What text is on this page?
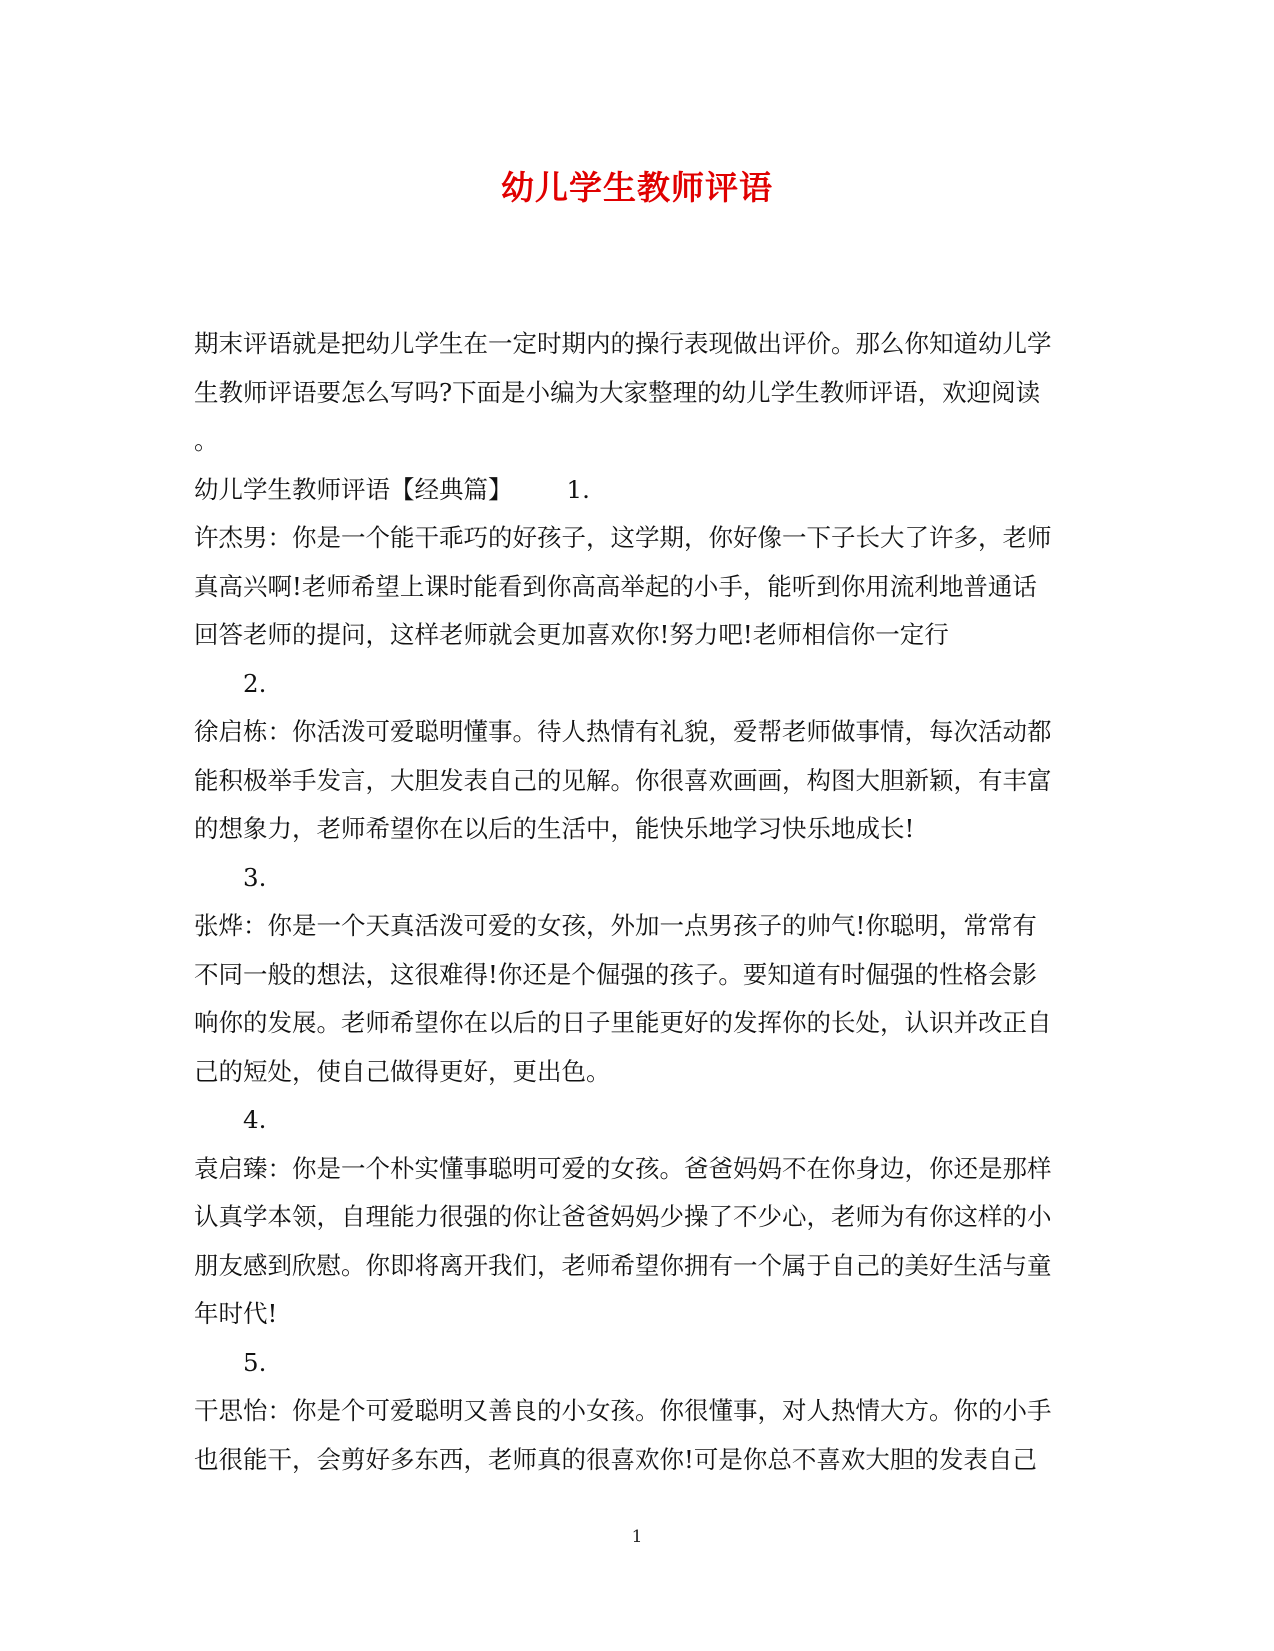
幼儿学生教师评语
期末评语就是把幼儿学生在一定时期内的操行表现做出评价。那么你知道幼儿学
生教师评语要怎么写吗?下面是小编为大家整理的幼儿学生教师评语，欢迎阅读
。
幼儿学生教师评语【经典篇】 1.
许杰男：你是一个能干乖巧的好孩子，这学期，你好像一下子长大了许多，老师
真高兴啊!老师希望上课时能看到你高高举起的小手，能听到你用流利地普通话
回答老师的提问，这样老师就会更加喜欢你!努力吧!老师相信你一定行
2.
徐启栋：你活泼可爱聪明懂事。待人热情有礼貌，爱帮老师做事情，每次活动都
能积极举手发言，大胆发表自己的见解。你很喜欢画画，构图大胆新颖，有丰富
的想象力，老师希望你在以后的生活中，能快乐地学习快乐地成长!
3.
张烨：你是一个天真活泼可爱的女孩，外加一点男孩子的帅气!你聪明，常常有
不同一般的想法，这很难得!你还是个倔强的孩子。要知道有时倔强的性格会影
响你的发展。老师希望你在以后的日子里能更好的发挥你的长处，认识并改正自
己的短处，使自己做得更好，更出色。
4.
袁启臻：你是一个朴实懂事聪明可爱的女孩。爸爸妈妈不在你身边，你还是那样
认真学本领，自理能力很强的你让爸爸妈妈少操了不少心，老师为有你这样的小
朋友感到欣慰。你即将离开我们，老师希望你拥有一个属于自己的美好生活与童
年时代!
5.
干思怡：你是个可爱聪明又善良的小女孩。你很懂事，对人热情大方。你的小手
也很能干，会剪好多东西，老师真的很喜欢你!可是你总不喜欢大胆的发表自己
1
